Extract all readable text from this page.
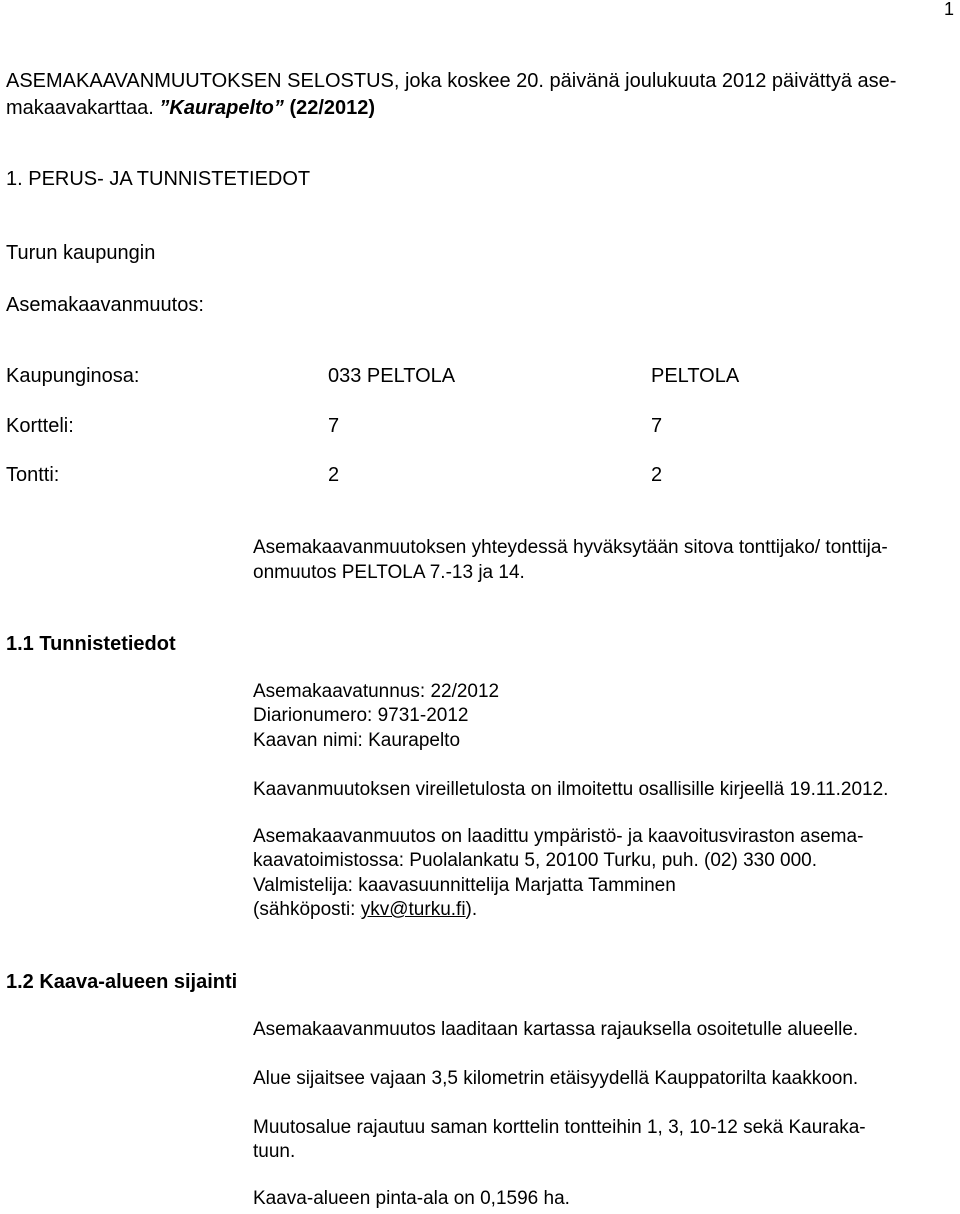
1
ASEMAKAAVANMUUTOKSEN SELOSTUS, joka koskee 20. päivänä joulukuuta 2012 päivättyä ase-
makaavakarttaa. ”Kaurapelto” (22/2012)
1. PERUS- JA TUNNISTETIEDOT
Turun kaupungin
Asemakaavanmuutos:
Kaupunginosa:	033 PELTOLA	PELTOLA
Kortteli:	7	7
Tontti:	2	2
Asemakaavanmuutoksen yhteydessä hyväksytään sitova tonttijako/ tonttija-
onmuutos PELTOLA 7.-13 ja 14.
1.1 Tunnistetiedot
Asemakaavatunnus: 22/2012
Diarionumero: 9731-2012
Kaavan nimi: Kaurapelto
Kaavanmuutoksen vireilletulosta on ilmoitettu osallisille kirjeellä 19.11.2012.
Asemakaavanmuutos on laadittu ympäristö- ja kaavoitusviraston asema-
kaavatoimistossa: Puolalankatu 5, 20100 Turku, puh. (02) 330 000.
Valmistelija: kaavasuunnittelija Marjatta Tamminen
(sähköposti: ykv@turku.fi).
1.2 Kaava-alueen sijainti
Asemakaavanmuutos laaditaan kartassa rajauksella osoitetulle alueelle.
Alue sijaitsee vajaan 3,5 kilometrin etäisyydellä Kauppatorilta kaakkoon.
Muutosalue rajautuu saman korttelin tontteihin 1, 3, 10-12 sekä Kauraka-
tuun.
Kaava-alueen pinta-ala on 0,1596 ha.
